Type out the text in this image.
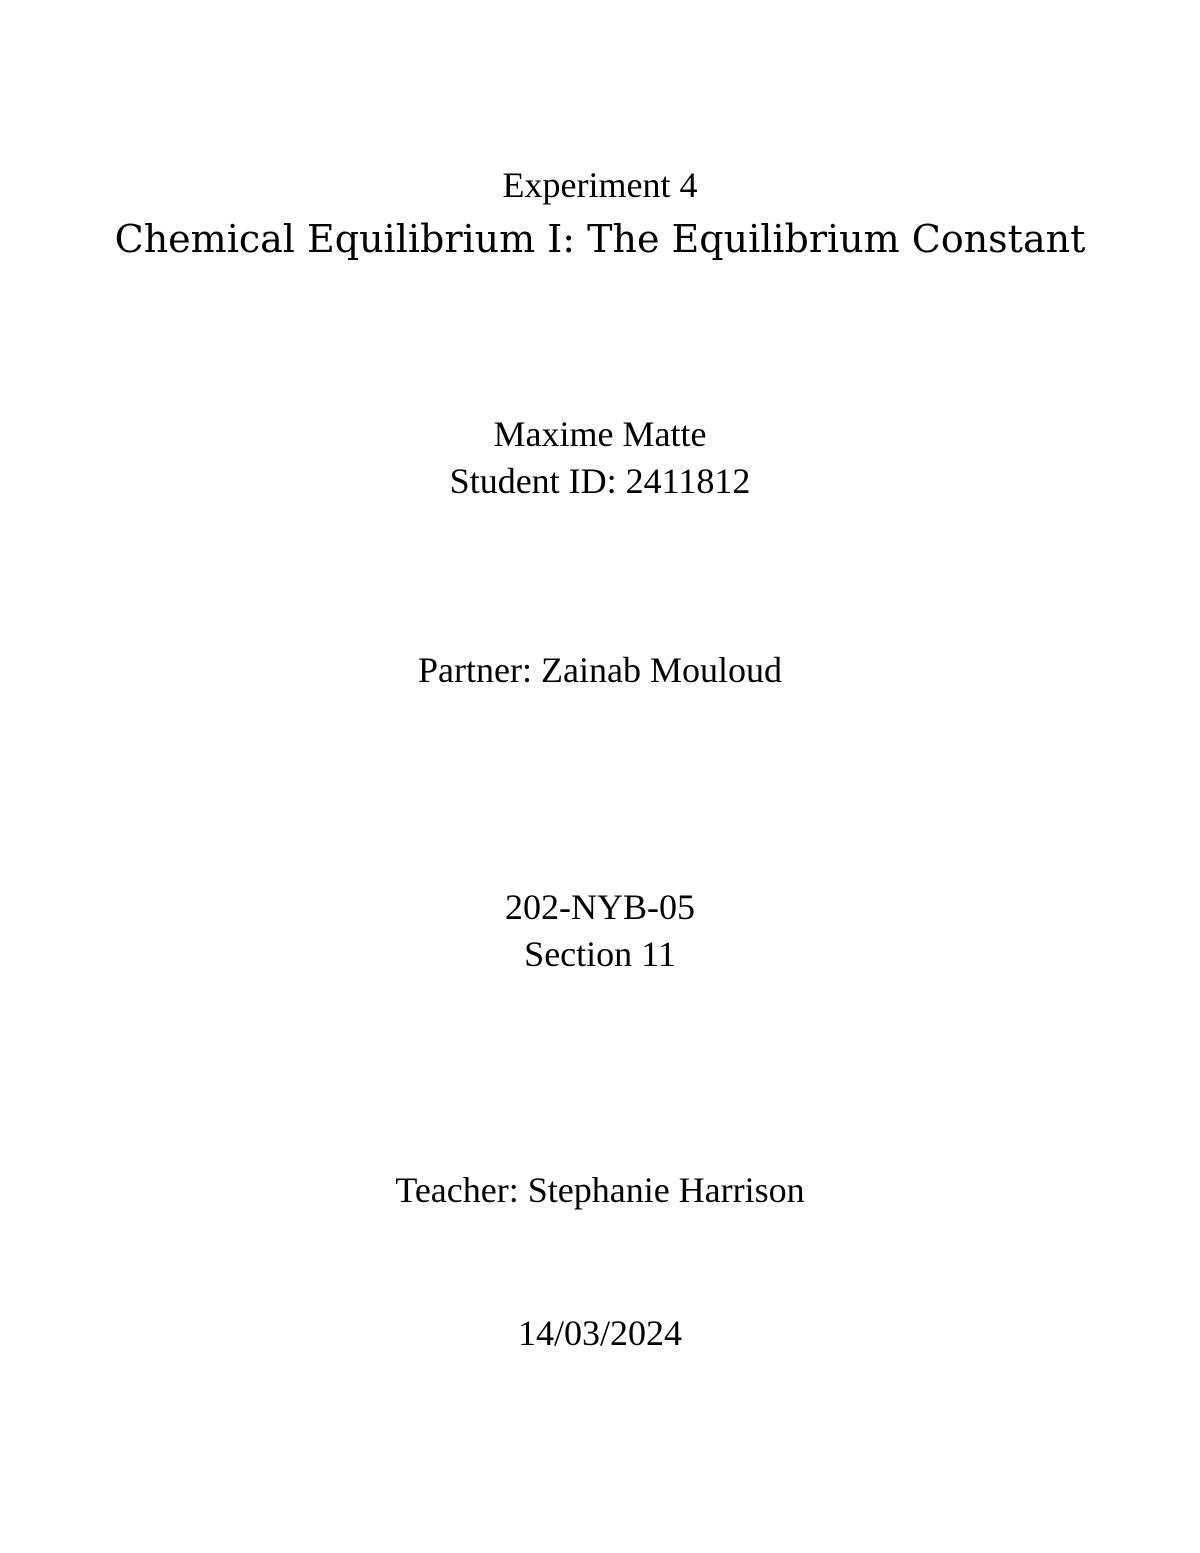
Experiment 4
Chemical Equilibrium I: The Equilibrium Constant
Maxime Matte
Student ID: 2411812
Partner: Zainab Mouloud
202-NYB-05
Section 11
Teacher: Stephanie Harrison
14/03/2024
